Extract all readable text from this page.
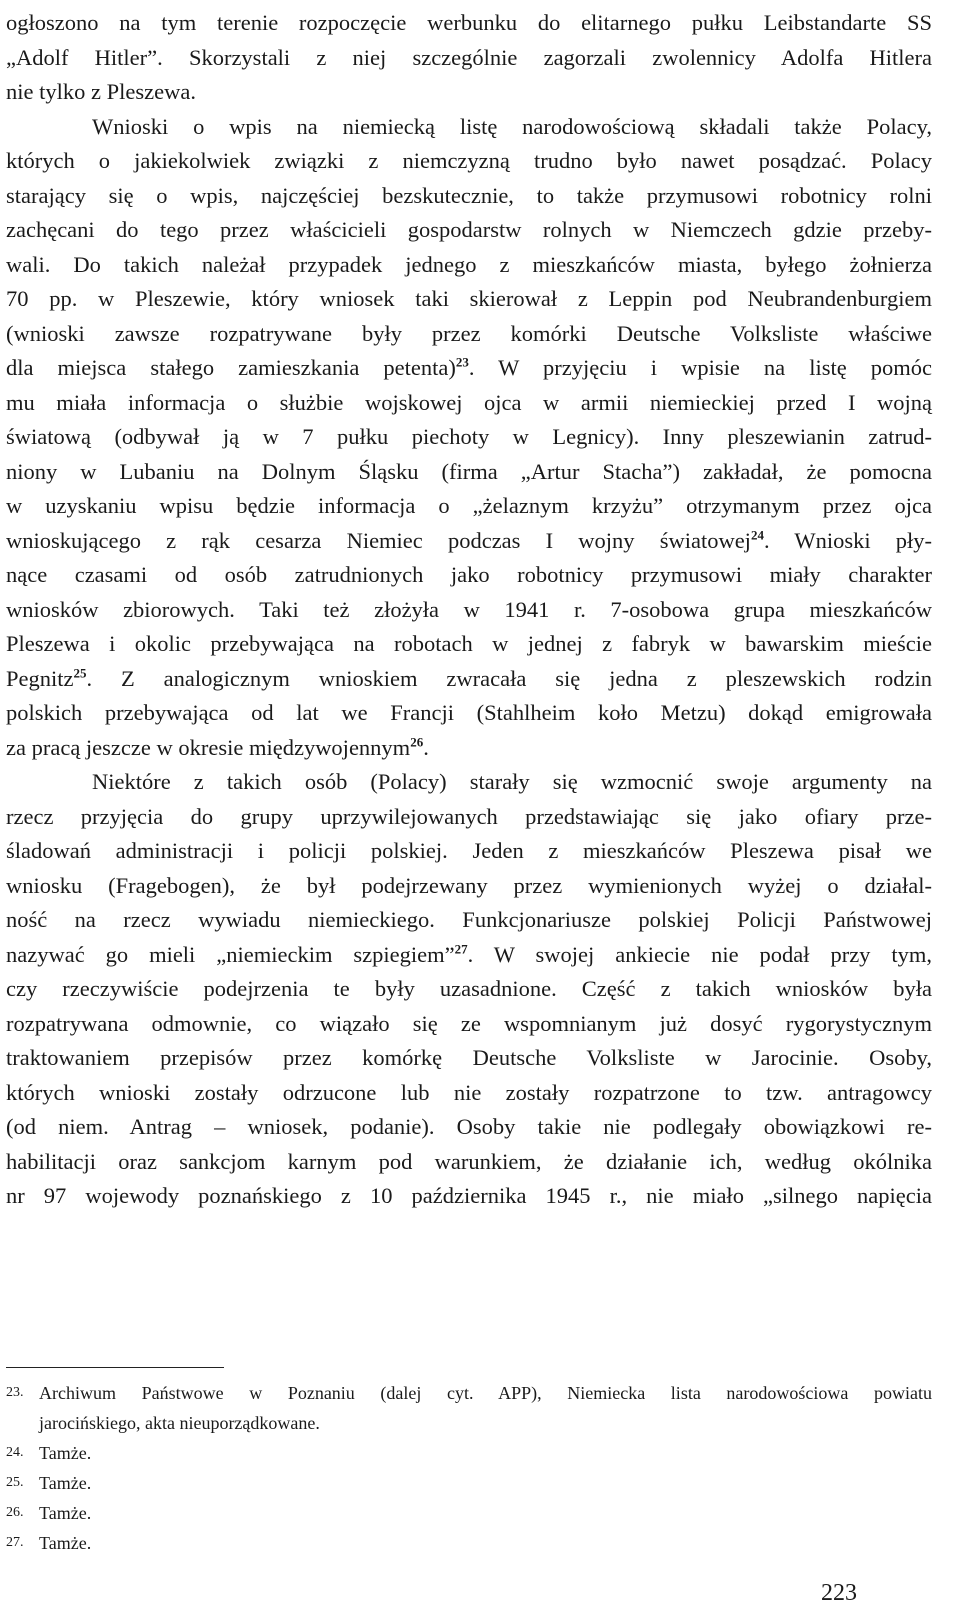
ogłoszono na tym terenie rozpoczęcie werbunku do elitarnego pułku Leibstandarte SS
„Adolf Hitler”. Skorzystali z niej szczególnie zagorzali zwolennicy Adolfa Hitlera
nie tylko z Pleszewa.
Wnioski o wpis na niemiecką listę narodowościową składali także Polacy,
których o jakiekolwiek związki z niemczyzną trudno było nawet posądzać. Polacy
starający się o wpis, najczęściej bezskutecznie, to także przymusowi robotnicy rolni
zachęcani do tego przez właścicieli gospodarstw rolnych w Niemczech gdzie przeby-
wali. Do takich należał przypadek jednego z mieszkańców miasta, byłego żołnierza
70 pp. w Pleszewie, który wniosek taki skierował z Leppin pod Neubrandenburgiem
(wnioski zawsze rozpatrywane były przez komórki Deutsche Volksliste właściwe
dla miejsca stałego zamieszkania petenta)$^{23}$. W przyjęciu i wpisie na listę pomóc
mu miała informacja o służbie wojskowej ojca w armii niemieckiej przed I wojną
światową (odbywał ją w 7 pułku piechoty w Legnicy). Inny pleszewianin zatrud-
niony w Lubaniu na Dolnym Śląsku (firma „Artur Stacha”) zakładał, że pomocna
w uzyskaniu wpisu będzie informacja o „żelaznym krzyżu” otrzymanym przez ojca
wnioskującego z rąk cesarza Niemiec podczas I wojny światowej$^{24}$. Wnioski pły-
nące czasami od osób zatrudnionych jako robotnicy przymusowi miały charakter
wniosków zbiorowych. Taki też złożyła w 1941 r. 7-osobowa grupa mieszkańców
Pleszewa i okolic przebywająca na robotach w jednej z fabryk w bawarskim mieście
Pegnitz$^{25}$. Z analogicznym wnioskiem zwracała się jedna z pleszewskich rodzin
polskich przebywająca od lat we Francji (Stahlheim koło Metzu) dokąd emigrowała
za pracą jeszcze w okresie międzywojennym$^{26}$.
Niektóre z takich osób (Polacy) starały się wzmocnić swoje argumenty na
rzecz przyjęcia do grupy uprzywilejowanych przedstawiając się jako ofiary prze-
śladowań administracji i policji polskiej. Jeden z mieszkańców Pleszewa pisał we
wniosku (Fragebogen), że był podejrzewany przez wymienionych wyżej o działal-
ność na rzecz wywiadu niemieckiego. Funkcjonariusze polskiej Policji Państwowej
nazywać go mieli „niemieckim szpiegiem”$^{27}$. W swojej ankiecie nie podał przy tym,
czy rzeczywiście podejrzenia te były uzasadnione. Część z takich wniosków była
rozpatrywana odmownie, co wiązało się ze wspomnianym już dosyć rygorystycznym
traktowaniem przepisów przez komórkę Deutsche Volksliste w Jarocinie. Osoby,
których wnioski zostały odrzucone lub nie zostały rozpatrzone to tzw. antragowcy
(od niem. Antrag – wniosek, podanie). Osoby takie nie podlegały obowiązkowi re-
habilitacji oraz sankcjom karnym pod warunkiem, że działanie ich, według okólnika
nr 97 wojewody poznańskiego z 10 października 1945 r., nie miało „silnego napięcia
23. Archiwum Państwowe w Poznaniu (dalej cyt. APP), Niemiecka lista narodowościowa powiatu
jarocińskiego, akta nieuporządkowane.
24. Tamże.
25. Tamże.
26. Tamże.
27. Tamże.
223
